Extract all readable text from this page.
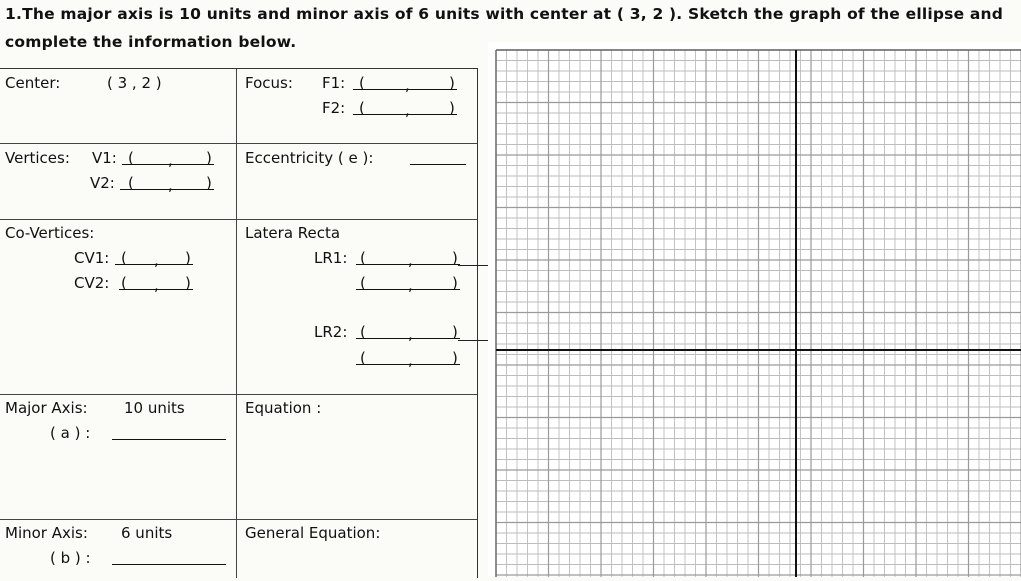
1.The major axis is 10 units and minor axis of 6 units with center at ( 3, 2 ). Sketch the graph of the ellipse and
complete the information below.
Center:	( 3 , 2 )	Focus: F1: (	,	)
F2: (	,	)
Vertices: V1: ( , )
V2: ( , )
Eccentricity ( e ):
Co-Vertices:
CV1: ( , )
CV2: ( , )
Latera Recta
LR1: (	,	)
(	,	)
LR2: (	,	)
(	,	)
Major Axis: 10 units
( a ) :
Equation :
Minor Axis: 6 units
( b ) :
General Equation:
